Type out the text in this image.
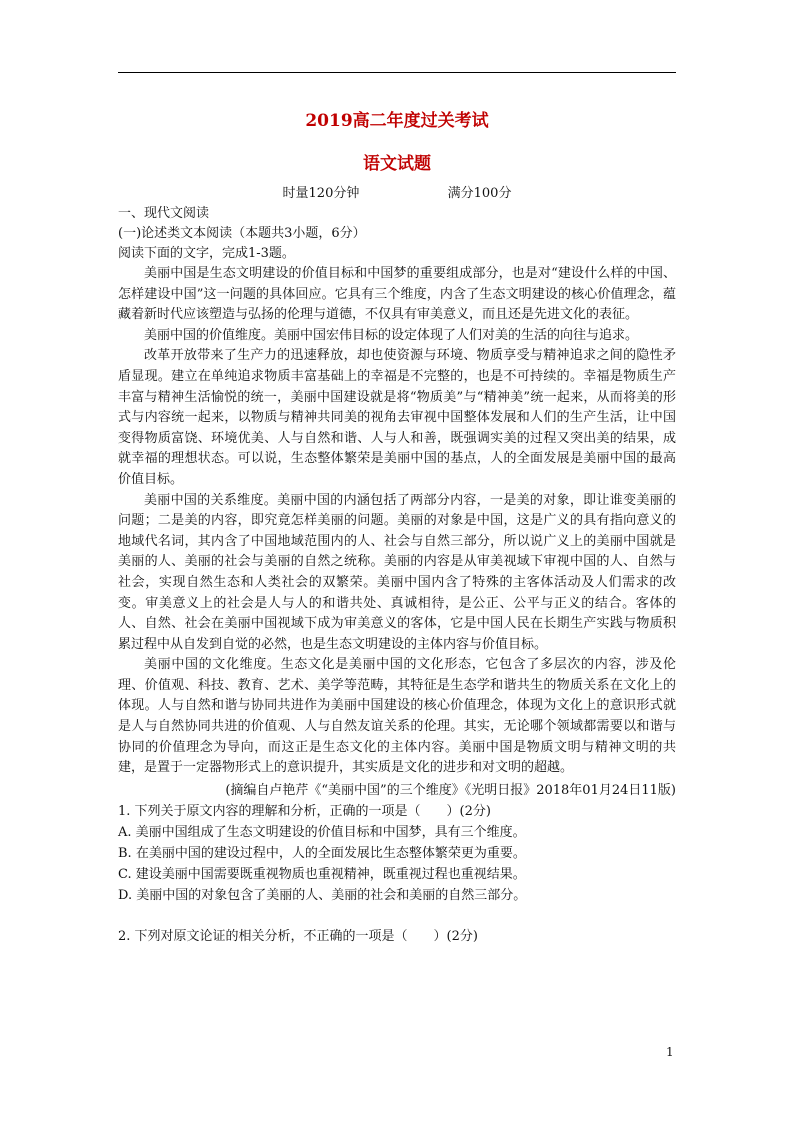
2019高二年度过关考试
语文试题
时量120分钟	满分100分
一、现代文阅读
(一)论述类文本阅读（本题共3小题，6分）
阅读下面的文字，完成1-3题。

美丽中国是生态文明建设的价值目标和中国梦的重要组成部分，也是对“建设什么样的中国、怎样建设中国”这一问题的具体回应。它具有三个维度，内含了生态文明建设的核心价值理念，蕴藏着新时代应该塑造与弘扬的伦理与道德，不仅具有审美意义，而且还是先进文化的表征。

美丽中国的价值维度。美丽中国宏伟目标的设定体现了人们对美的生活的向往与追求。

改革开放带来了生产力的迅速释放，却也使资源与环境、物质享受与精神追求之间的隐性矛盾显现。建立在单纯追求物质丰富基础上的幸福是不完整的，也是不可持续的。幸福是物质生产丰富与精神生活愉悦的统一，美丽中国建设就是将“物质美”与“精神美”统一起来，从而将美的形式与内容统一起来，以物质与精神共同美的视角去审视中国整体发展和人们的生产生活，让中国变得物质富饶、环境优美、人与自然和谐、人与人和善，既强调实美的过程又突出美的结果，成就幸福的理想状态。可以说，生态整体繁荣是美丽中国的基点，人的全面发展是美丽中国的最高价值目标。

美丽中国的关系维度。美丽中国的内涵包括了两部分内容，一是美的对象，即让谁变美丽的问题；二是美的内容，即究竟怎样美丽的问题。美丽的对象是中国，这是广义的具有指向意义的地域代名词，其内含了中国地域范围内的人、社会与自然三部分，所以说广义上的美丽中国就是美丽的人、美丽的社会与美丽的自然之统称。美丽的内容是从审美视域下审视中国的人、自然与社会，实现自然生态和人类社会的双繁荣。美丽中国内含了特殊的主客体活动及人们需求的改变。审美意义上的社会是人与人的和谐共处、真诚相待，是公正、公平与正义的结合。客体的人、自然、社会在美丽中国视域下成为审美意义的客体，它是中国人民在长期生产实践与物质积累过程中从自发到自觉的必然，也是生态文明建设的主体内容与价值目标。

美丽中国的文化维度。生态文化是美丽中国的文化形态，它包含了多层次的内容，涉及伦理、价值观、科技、教育、艺术、美学等范畴，其特征是生态学和谐共生的物质关系在文化上的体现。人与自然和谐与协同共进作为美丽中国建设的核心价值理念，体现为文化上的意识形式就是人与自然协同共进的价值观、人与自然友谊关系的伦理。其实，无论哪个领域都需要以和谐与协同的价值理念为导向，而这正是生态文化的主体内容。美丽中国是物质文明与精神文明的共建，是置于一定器物形式上的意识提升，其实质是文化的进步和对文明的超越。

(摘编自卢艳芹《“美丽中国”的三个维度》《光明日报》2018年01月24日11版)
1. 下列关于原文内容的理解和分析，正确的一项是（　　）(2分)
A. 美丽中国组成了生态文明建设的价值目标和中国梦，具有三个维度。
B. 在美丽中国的建设过程中，人的全面发展比生态整体繁荣更为重要。
C. 建设美丽中国需要既重视物质也重视精神，既重视过程也重视结果。
D. 美丽中国的对象包含了美丽的人、美丽的社会和美丽的自然三部分。
2. 下列对原文论证的相关分析，不正确的一项是（　　）(2分)
1
